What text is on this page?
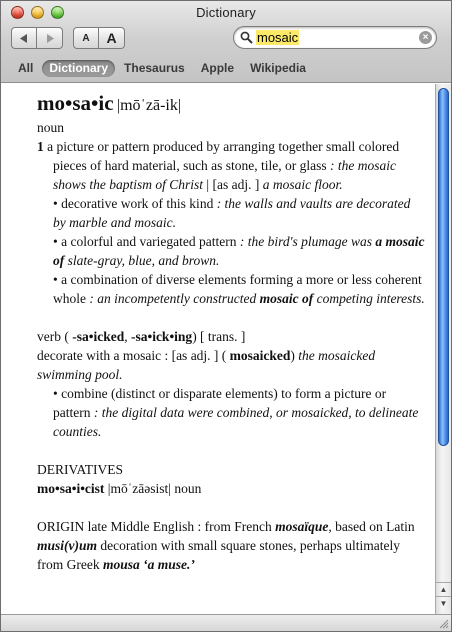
Dictionary
A	A	mosaic	×
All	Dictionary	Thesaurus	Apple	Wikipedia
mo•sa•ic |mōˈzā-ik|
noun
1 a picture or pattern produced by arranging together small colored pieces of hard material, such as stone, tile, or glass : the mosaic shows the baptism of Christ | [as adj. ] a mosaic floor.
• decorative work of this kind : the walls and vaults are decorated by marble and mosaic.
• a colorful and variegated pattern : the bird's plumage was a mosaic of slate-gray, blue, and brown.
• a combination of diverse elements forming a more or less coherent whole : an incompetently constructed mosaic of competing interests.
verb ( -sa•icked, -sa•ick•ing) [ trans. ]
decorate with a mosaic : [as adj. ] ( mosaicked) the mosaicked swimming pool.
• combine (distinct or disparate elements) to form a picture or pattern : the digital data were combined, or mosaicked, to delineate counties.
DERIVATIVES
mo•sa•i•cist |mōˈzāəsist| noun
ORIGIN late Middle English : from French mosaïque, based on Latin musi(v)um decoration with small square stones, perhaps ultimately from Greek mousa ‘a muse.’
▲
▼
